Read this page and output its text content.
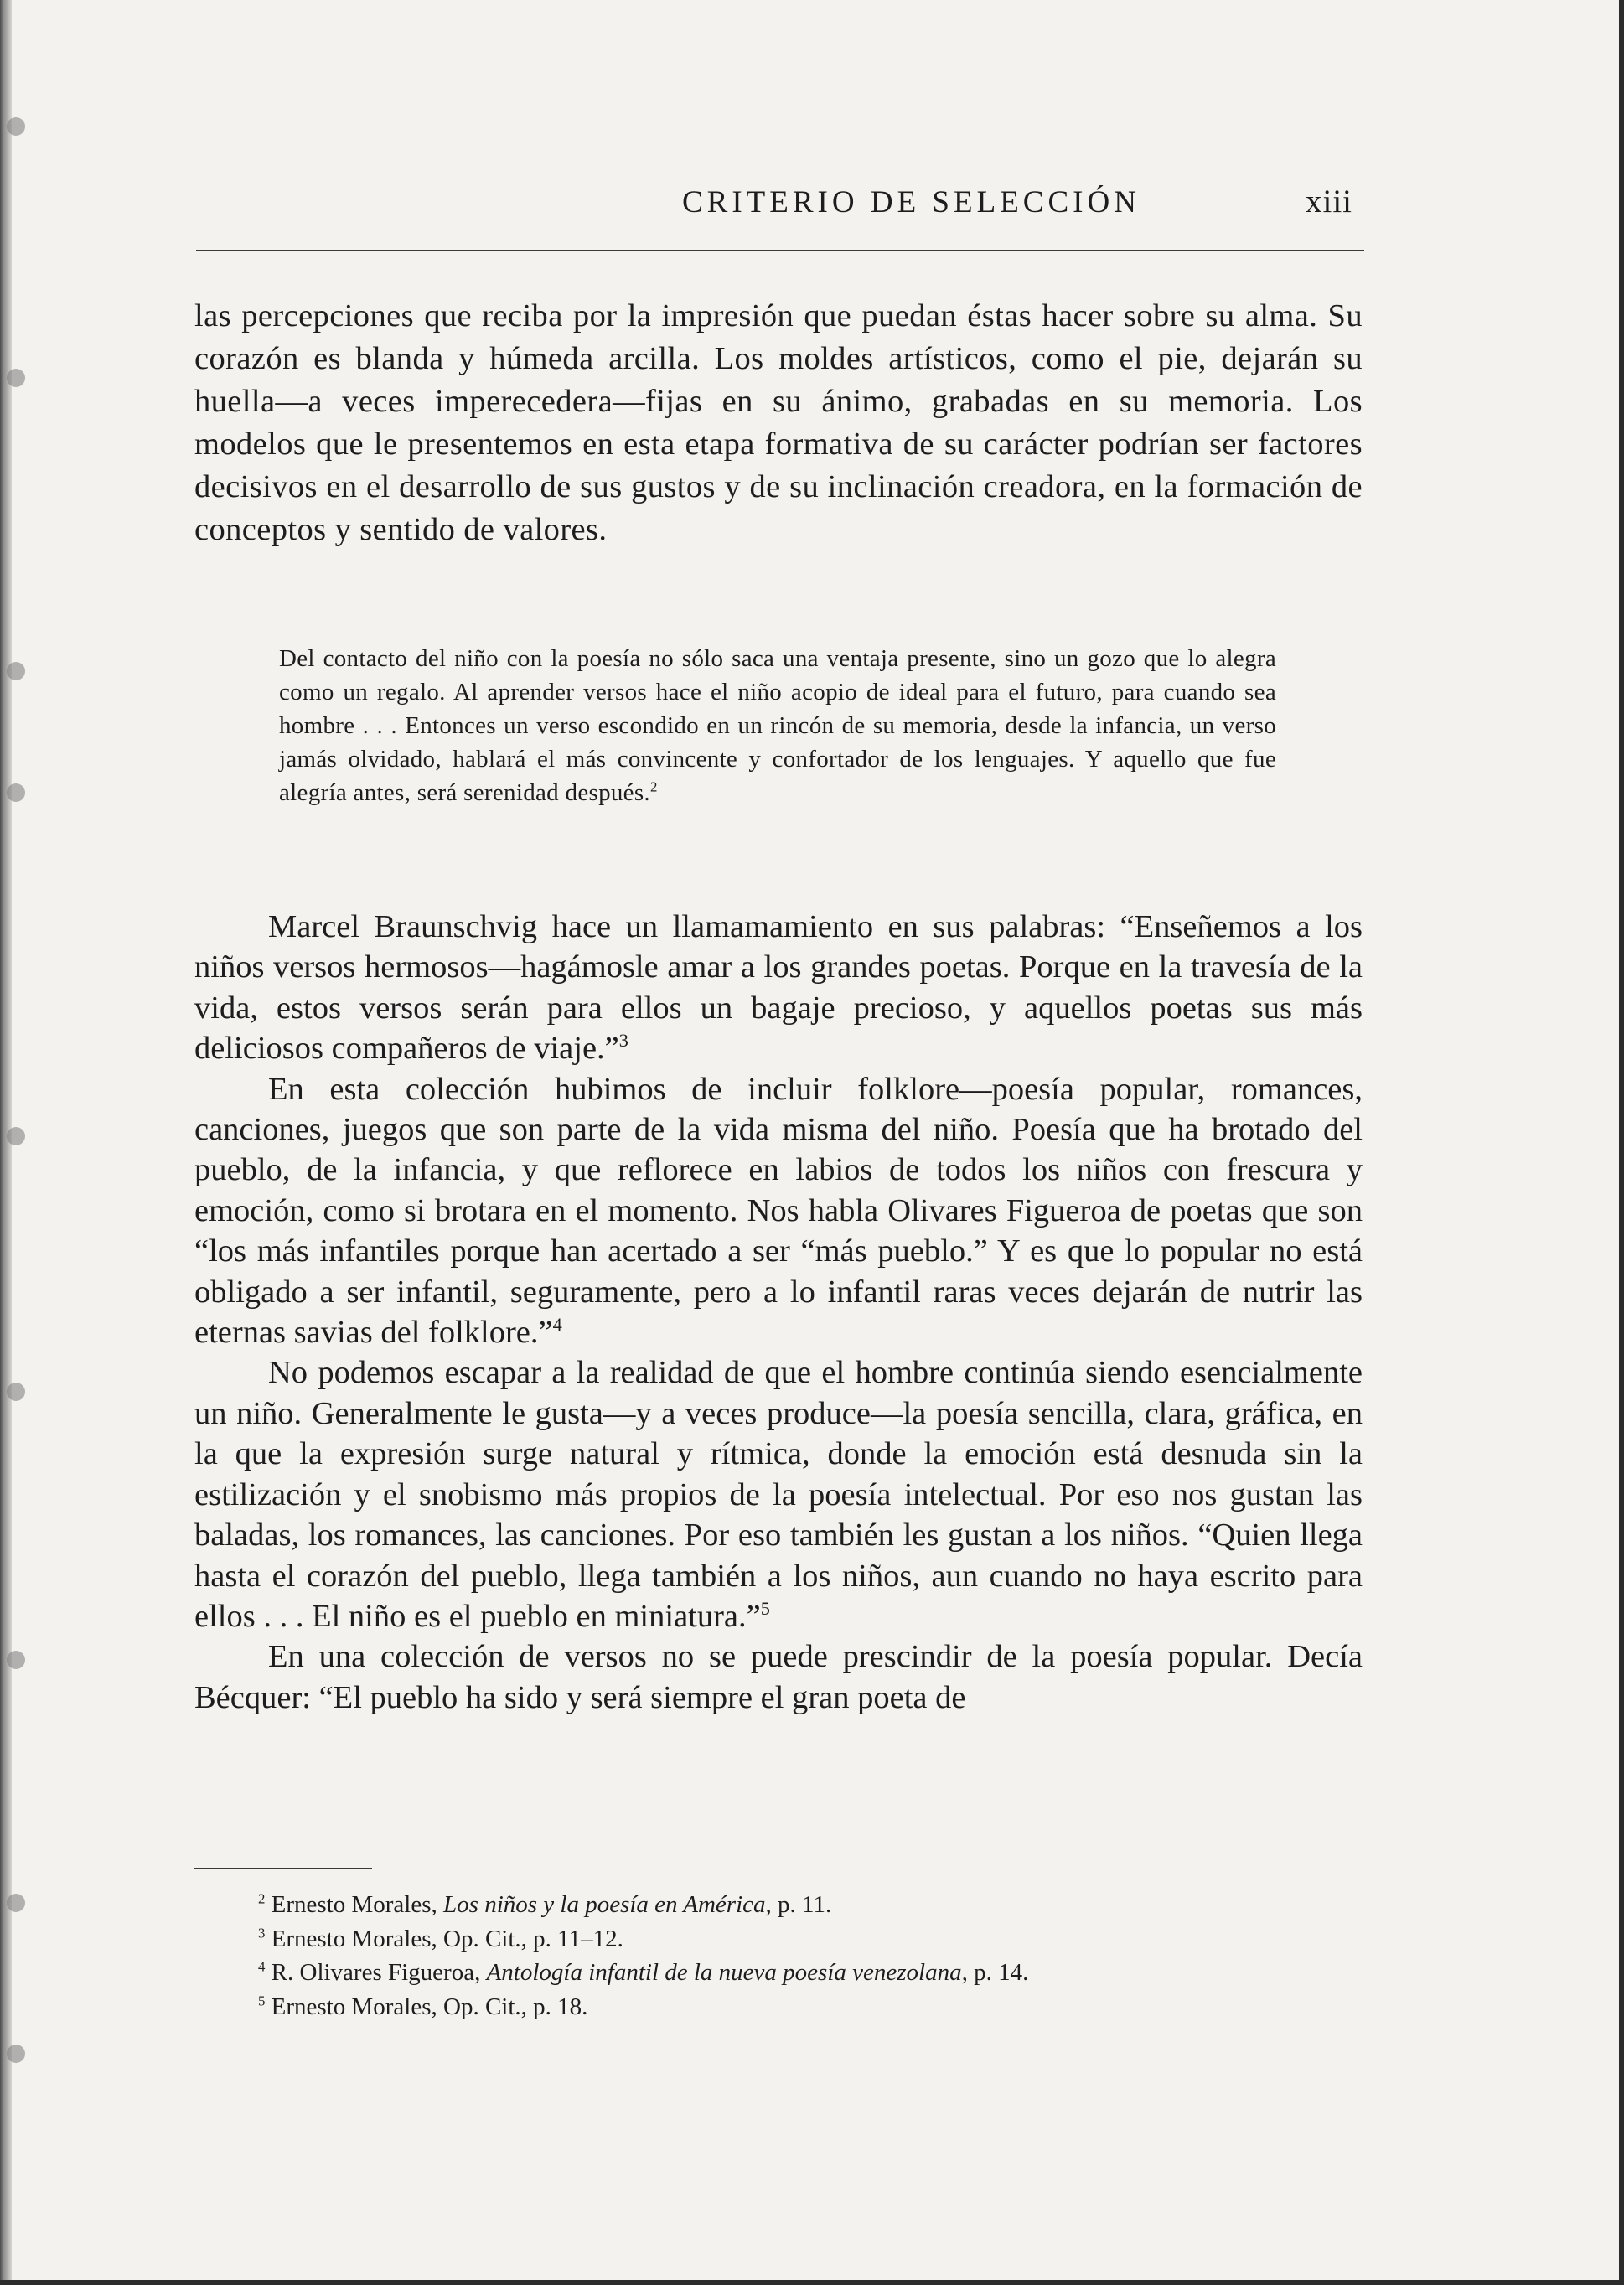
CRITERIO DE SELECCIÓN	xiii

las percepciones que reciba por la impresión que puedan éstas hacer sobre su alma. Su corazón es blanda y húmeda arcilla. Los moldes artísticos, como el pie, dejarán su huella—a veces imperecedera—fijas en su ánimo, grabadas en su memoria. Los modelos que le presentemos en esta etapa formativa de su carácter podrían ser factores decisivos en el desarrollo de sus gustos y de su inclinación creadora, en la formación de conceptos y sentido de valores.

Del contacto del niño con la poesía no sólo saca una ventaja presente, sino un gozo que lo alegra como un regalo. Al aprender versos hace el niño acopio de ideal para el futuro, para cuando sea hombre . . . Entonces un verso escondido en un rincón de su memoria, desde la infancia, un verso jamás olvidado, hablará el más convincente y confortador de los lenguajes. Y aquello que fue alegría antes, será serenidad después.$^2$

Marcel Braunschvig hace un llamamamiento en sus palabras: “Enseñemos a los niños versos hermosos—hagámosle amar a los grandes poetas. Porque en la travesía de la vida, estos versos serán para ellos un bagaje precioso, y aquellos poetas sus más deliciosos compañeros de viaje.”$^3$

En esta colección hubimos de incluir folklore—poesía popular, romances, canciones, juegos que son parte de la vida misma del niño. Poesía que ha brotado del pueblo, de la infancia, y que reflorece en labios de todos los niños con frescura y emoción, como si brotara en el momento. Nos habla Olivares Figueroa de poetas que son “los más infantiles porque han acertado a ser “más pueblo.” Y es que lo popular no está obligado a ser infantil, seguramente, pero a lo infantil raras veces dejarán de nutrir las eternas savias del folklore.”$^4$

No podemos escapar a la realidad de que el hombre continúa siendo esencialmente un niño. Generalmente le gusta—y a veces produce—la poesía sencilla, clara, gráfica, en la que la expresión surge natural y rítmica, donde la emoción está desnuda sin la estilización y el snobismo más propios de la poesía intelectual. Por eso nos gustan las baladas, los romances, las canciones. Por eso también les gustan a los niños. “Quien llega hasta el corazón del pueblo, llega también a los niños, aun cuando no haya escrito para ellos . . . El niño es el pueblo en miniatura.”$^5$

En una colección de versos no se puede prescindir de la poesía popular. Decía Bécquer: “El pueblo ha sido y será siempre el gran poeta de

$^2$ Ernesto Morales, Los niños y la poesía en América, p. 11.
$^3$ Ernesto Morales, Op. Cit., p. 11–12.
$^4$ R. Olivares Figueroa, Antología infantil de la nueva poesía venezolana, p. 14.
$^5$ Ernesto Morales, Op. Cit., p. 18.
